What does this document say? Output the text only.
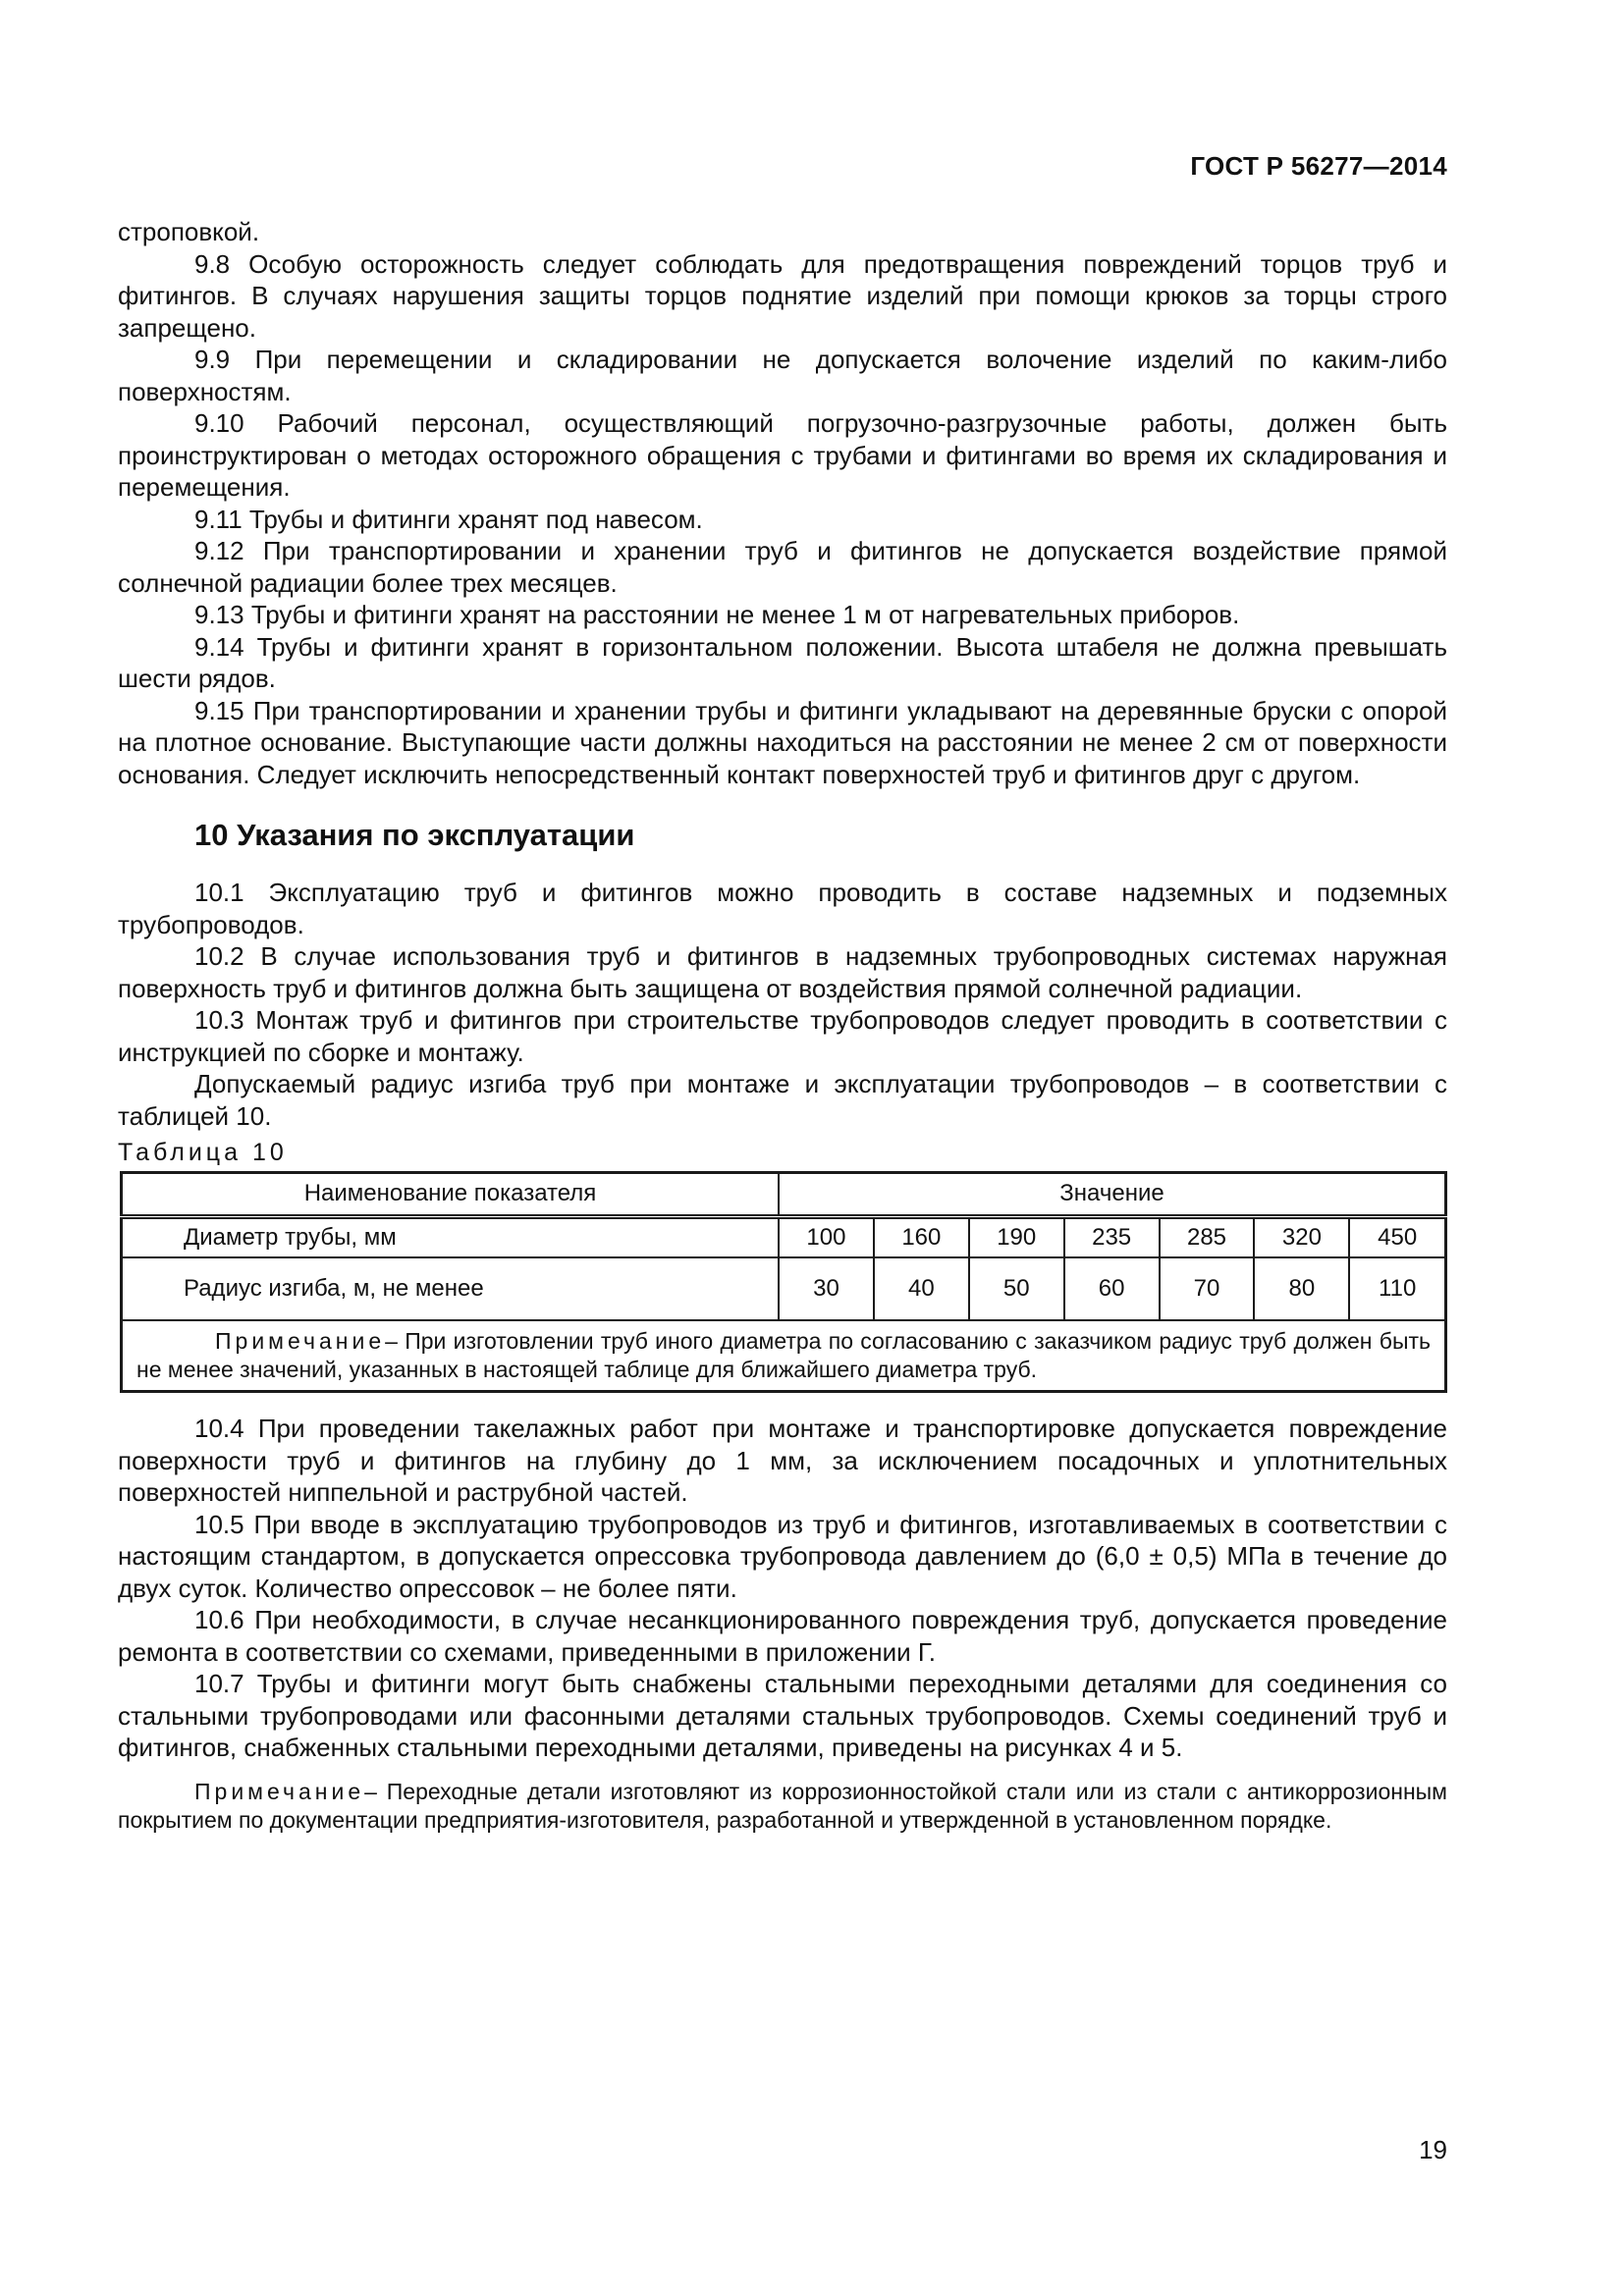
ГОСТ Р 56277—2014

строповкой.

9.8 Особую осторожность следует соблюдать для предотвращения повреждений торцов труб и фитингов. В случаях нарушения защиты торцов поднятие изделий при помощи крюков за торцы строго запрещено.

9.9 При перемещении и складировании не допускается волочение изделий по каким-либо поверхностям.

9.10 Рабочий персонал, осуществляющий погрузочно-разгрузочные работы, должен быть проинструктирован о методах осторожного обращения с трубами и фитингами во время их складирования и перемещения.

9.11 Трубы и фитинги хранят под навесом.

9.12 При транспортировании и хранении труб и фитингов не допускается воздействие прямой солнечной радиации более трех месяцев.

9.13 Трубы и фитинги хранят на расстоянии не менее 1 м от нагревательных приборов.

9.14 Трубы и фитинги хранят в горизонтальном положении. Высота штабеля не должна превышать шести рядов.

9.15 При транспортировании и хранении трубы и фитинги укладывают на деревянные бруски с опорой на плотное основание. Выступающие части должны находиться на расстоянии не менее 2 см от поверхности основания. Следует исключить непосредственный контакт поверхностей труб и фитингов друг с другом.

10 Указания по эксплуатации

10.1 Эксплуатацию труб и фитингов можно проводить в составе надземных и подземных трубопроводов.

10.2 В случае использования труб и фитингов в надземных трубопроводных системах наружная поверхность труб и фитингов должна быть защищена от воздействия прямой солнечной радиации.

10.3 Монтаж труб и фитингов при строительстве трубопроводов следует проводить в соответствии с инструкцией по сборке и монтажу.

Допускаемый радиус изгиба труб при монтаже и эксплуатации трубопроводов – в соответствии с таблицей 10.

Таблица 10
Наименование показателя	Значение						
Диаметр трубы, мм	100	160	190	235	285	320	450
Радиус изгиба, м, не менее	30	40	50	60	70	80	110
Примечание– При изготовлении труб иного диаметра по согласованию с заказчиком радиус труб должен быть не менее значений, указанных в настоящей таблице для ближайшего диаметра труб.							

10.4 При проведении такелажных работ при монтаже и транспортировке допускается повреждение поверхности труб и фитингов на глубину до 1 мм, за исключением посадочных и уплотнительных поверхностей ниппельной и раструбной частей.

10.5 При вводе в эксплуатацию трубопроводов из труб и фитингов, изготавливаемых в соответствии с настоящим стандартом, в допускается опрессовка трубопровода давлением до (6,0 ± 0,5) МПа в течение до двух суток. Количество опрессовок – не более пяти.

10.6 При необходимости, в случае несанкционированного повреждения труб, допускается проведение ремонта в соответствии со схемами, приведенными в приложении Г.

10.7 Трубы и фитинги могут быть снабжены стальными переходными деталями для соединения со стальными трубопроводами или фасонными деталями стальных трубопроводов. Схемы соединений труб и фитингов, снабженных стальными переходными деталями, приведены на рисунках 4 и 5.

Примечание– Переходные детали изготовляют из коррозионностойкой стали или из стали с антикоррозионным покрытием по документации предприятия-изготовителя, разработанной и утвержденной в установленном порядке.

19
